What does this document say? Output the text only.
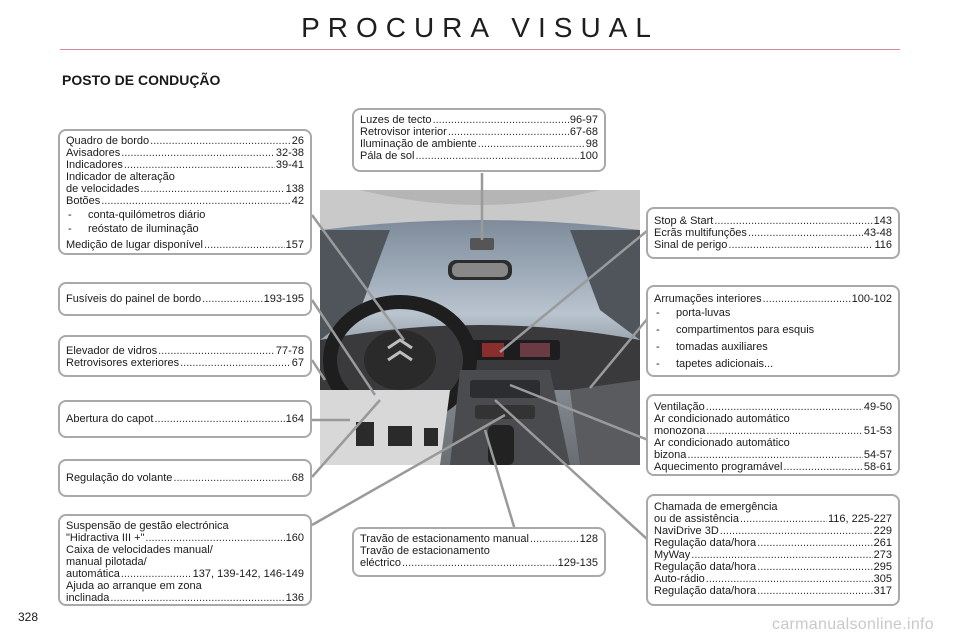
PROCURA VISUAL
POSTO DE CONDUÇÃO
Quadro de bordo .....	26
Avisadores .....	32-38
Indicadores .....	39-41
Indicador de alteração
de velocidades .....	138
Botões .....	42
- conta-quilómetros diário
- reóstato de iluminação
Medição de lugar disponível .....	157
Fusíveis do painel de bordo .....	193-195
Elevador de vidros .....	77-78
Retrovisores exteriores .....	67
Abertura do capot .....	164
Regulação do volante .....	68
Suspensão de gestão electrónica
"Hidractiva III +" .....	160
Caixa de velocidades manual/
manual pilotada/
automática .....	137, 139-142, 146-149
Ajuda ao arranque em zona
inclinada .....	136
Luzes de tecto .....	96-97
Retrovisor interior .....	67-68
Iluminação de ambiente .....	98
Pála de sol .....	100
Travão de estacionamento manual .....	128
Travão de estacionamento
eléctrico .....	129-135
Stop & Start .....	143
Ecrãs multifunções .....	43-48
Sinal de perigo .....	116
Arrumações interiores .....	100-102
- porta-luvas
- compartimentos para esquis
- tomadas auxiliares
- tapetes adicionais...
Ventilação .....	49-50
Ar condicionado automático
monozona .....	51-53
Ar condicionado automático
bizona .....	54-57
Aquecimento programável .....	58-61
Chamada de emergência
ou de assistência .....	116, 225-227
NaviDrive 3D .....	229
Regulação data/hora .....	261
MyWay .....	273
Regulação data/hora .....	295
Auto-rádio .....	305
Regulação data/hora .....	317
328	carmanualsonline.info
